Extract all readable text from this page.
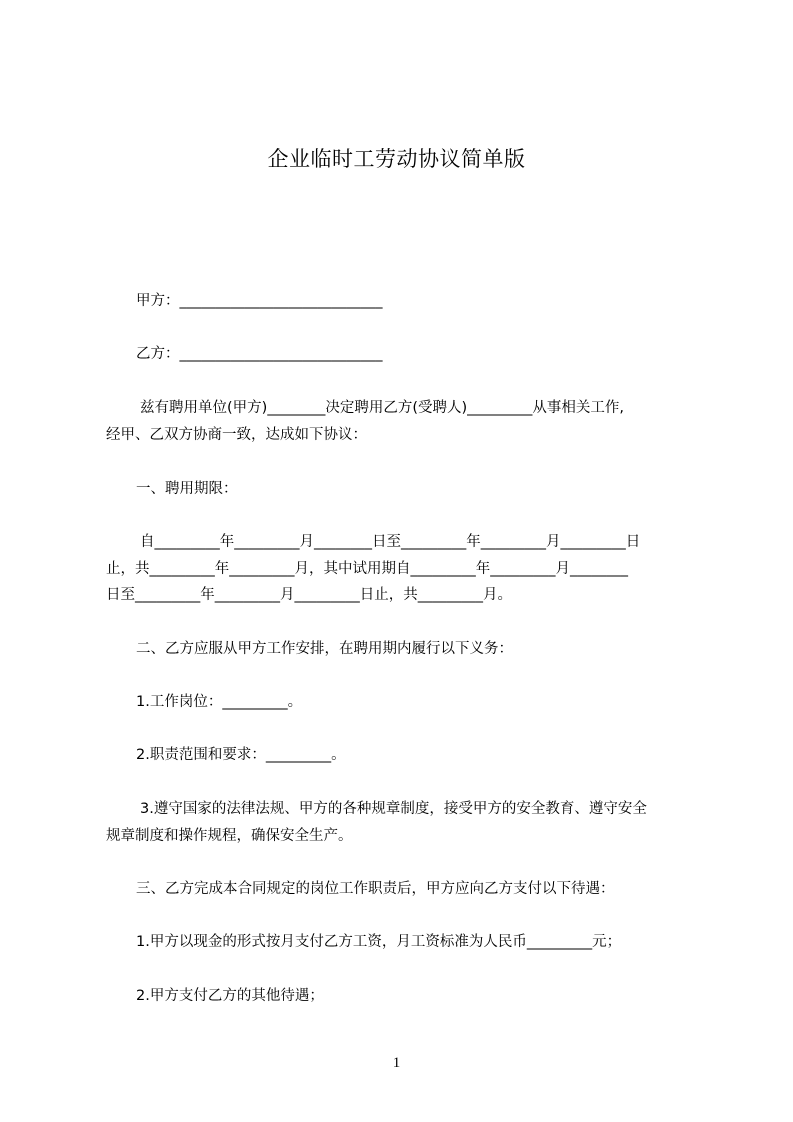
企业临时工劳动协议简单版
甲方：____________________________
乙方：____________________________
兹有聘用单位(甲方)________决定聘用乙方(受聘人)_________从事相关工作,
经甲、乙双方协商一致，达成如下协议：
一、聘用期限：
自_________年_________月________日至_________年_________月_________日
止，共_________年_________月，其中试用期自_________年_________月________
日至_________年_________月_________日止，共_________月。
二、乙方应服从甲方工作安排，在聘用期内履行以下义务：
1.工作岗位：_________。
2.职责范围和要求：_________。
3.遵守国家的法律法规、甲方的各种规章制度，接受甲方的安全教育、遵守安全
规章制度和操作规程，确保安全生产。
三、乙方完成本合同规定的岗位工作职责后，甲方应向乙方支付以下待遇：
1.甲方以现金的形式按月支付乙方工资，月工资标准为人民币_________元；
2.甲方支付乙方的其他待遇；
1
